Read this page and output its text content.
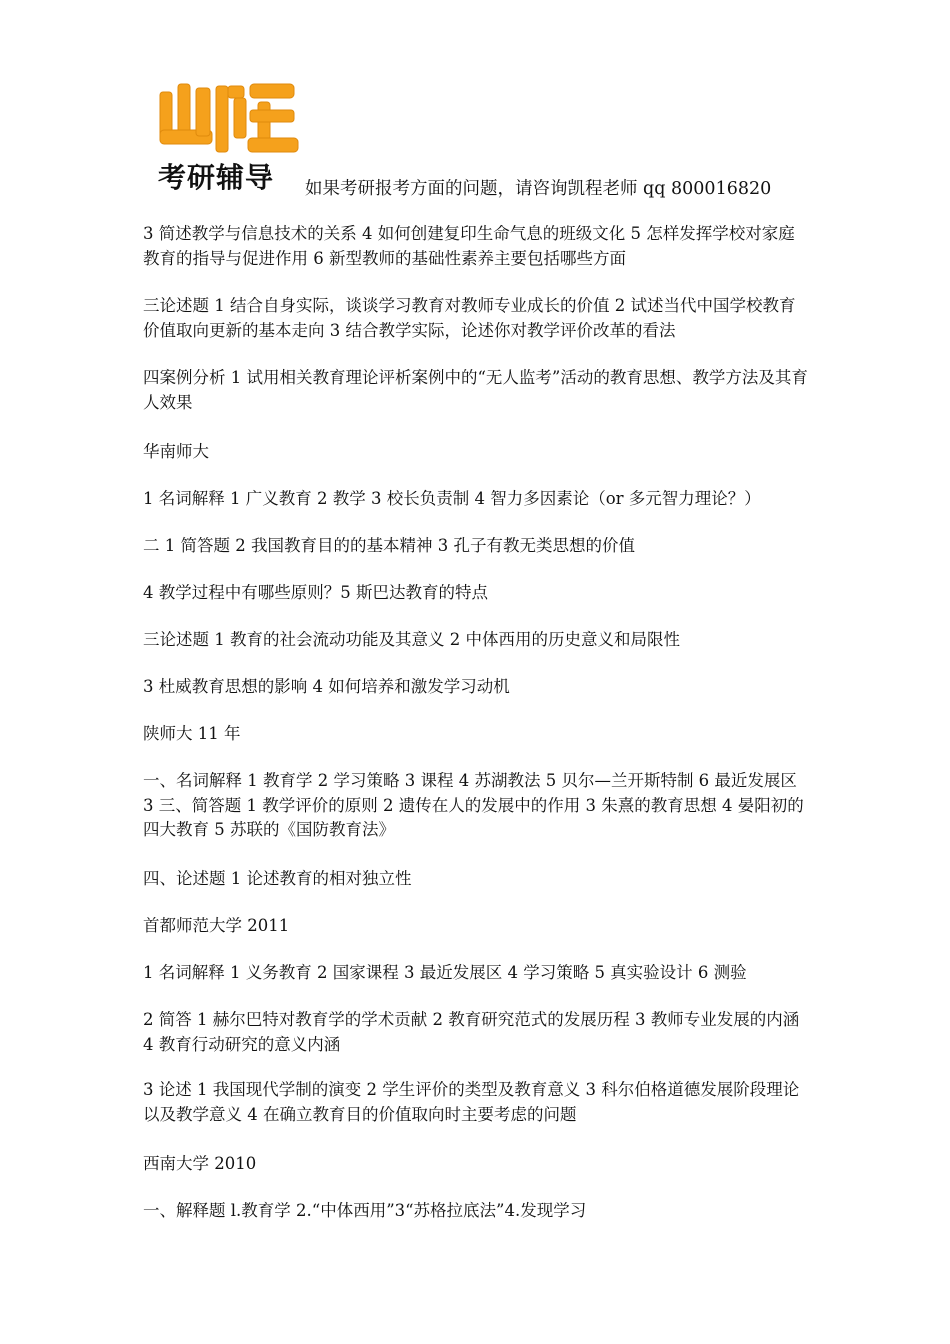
考研辅导	如果考研报考方面的问题，请咨询凯程老师 qq 800016820

3 简述教学与信息技术的关系 4 如何创建复印生命气息的班级文化 5 怎样发挥学校对家庭教育的指导与促进作用 6 新型教师的基础性素养主要包括哪些方面

三论述题 1 结合自身实际，谈谈学习教育对教师专业成长的价值 2 试述当代中国学校教育价值取向更新的基本走向 3 结合教学实际，论述你对教学评价改革的看法

四案例分析 1 试用相关教育理论评析案例中的“无人监考”活动的教育思想、教学方法及其育人效果

华南师大

1 名词解释 1 广义教育 2 教学 3 校长负责制 4 智力多因素论（or 多元智力理论？）

二 1 简答题 2 我国教育目的的基本精神 3 孔子有教无类思想的价值

4 教学过程中有哪些原则？5 斯巴达教育的特点

三论述题 1 教育的社会流动功能及其意义 2 中体西用的历史意义和局限性

3 杜威教育思想的影响 4 如何培养和激发学习动机

陕师大 11 年

一、名词解释 1 教育学 2 学习策略 3 课程 4 苏湖教法 5 贝尔—兰开斯特制 6 最近发展区 3 三、简答题 1 教学评价的原则 2 遗传在人的发展中的作用 3 朱熹的教育思想 4 晏阳初的四大教育 5 苏联的《国防教育法》

四、论述题 1 论述教育的相对独立性

首都师范大学 2011

1 名词解释 1 义务教育 2 国家课程 3 最近发展区 4 学习策略 5 真实验设计 6 测验

2 简答 1 赫尔巴特对教育学的学术贡献 2 教育研究范式的发展历程 3 教师专业发展的内涵 4 教育行动研究的意义内涵

3 论述 1 我国现代学制的演变 2 学生评价的类型及教育意义 3 科尔伯格道德发展阶段理论以及教学意义 4 在确立教育目的价值取向时主要考虑的问题

西南大学 2010

一、解释题 l.教育学 2.“中体西用”3“苏格拉底法”4.发现学习
